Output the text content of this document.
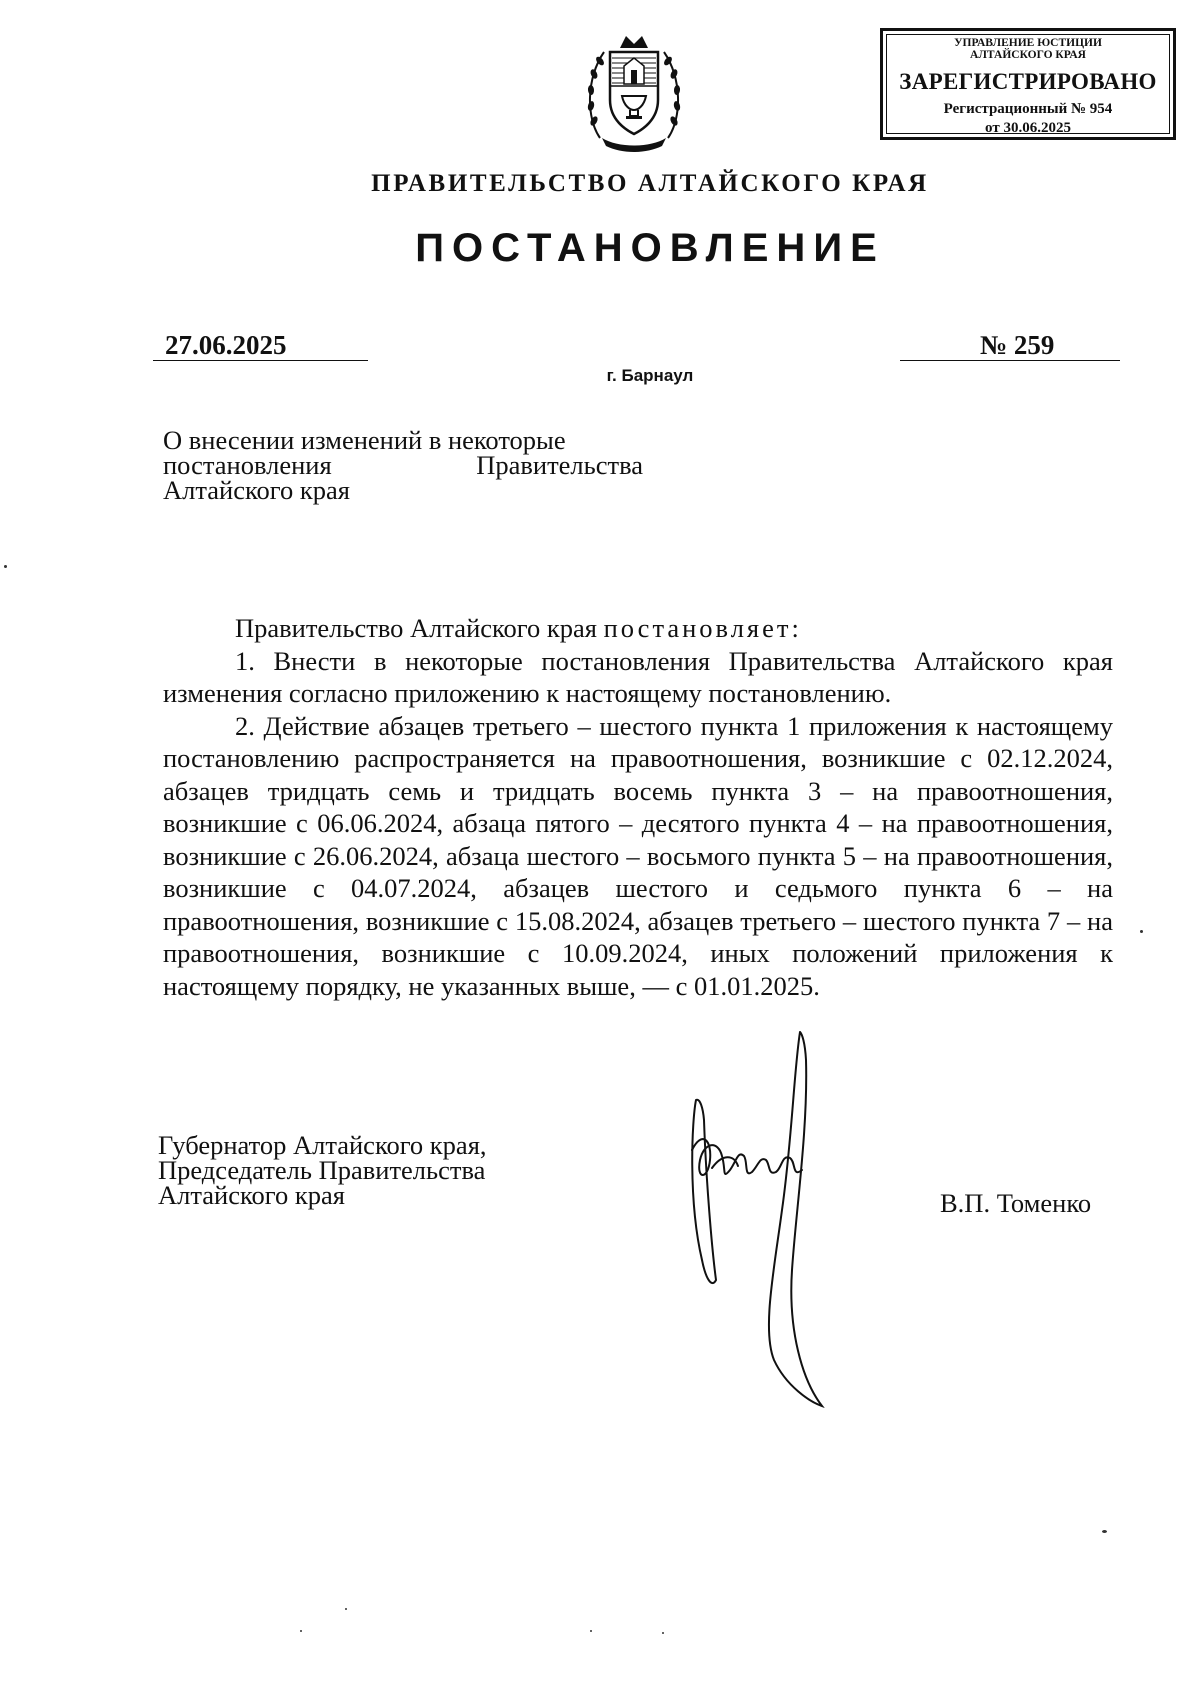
УПРАВЛЕНИЕ ЮСТИЦИИ
АЛТАЙСКОГО КРАЯ
ЗАРЕГИСТРИРОВАНО
Регистрационный № 954
от 30.06.2025
ПРАВИТЕЛЬСТВО АЛТАЙСКОГО КРАЯ
ПОСТАНОВЛЕНИЕ
27.06.2025	№ 259
г. Барнаул
О внесении изменений в некоторые
постановления	Правительства
Алтайского края

Правительство Алтайского края постановляет:

1. Внести в некоторые постановления Правительства Алтайского края изменения согласно приложению к настоящему постановлению.

2. Действие абзацев третьего – шестого пункта 1 приложения к настоящему постановлению распространяется на правоотношения, возникшие с 02.12.2024, абзацев тридцать семь и тридцать восемь пункта 3 – на правоотношения, возникшие с 06.06.2024, абзаца пятого – десятого пункта 4 – на правоотношения, возникшие с 26.06.2024, абзаца шестого – восьмого пункта 5 – на правоотношения, возникшие с 04.07.2024, абзацев шестого и седьмого пункта 6 – на правоотношения, возникшие с 15.08.2024, абзацев третьего – шестого пункта 7 – на правоотношения, возникшие с 10.09.2024, иных положений приложения к настоящему порядку, не указанных выше, — с 01.01.2025.

Губернатор Алтайского края,
Председатель Правительства
Алтайского края	В.П. Томенко
